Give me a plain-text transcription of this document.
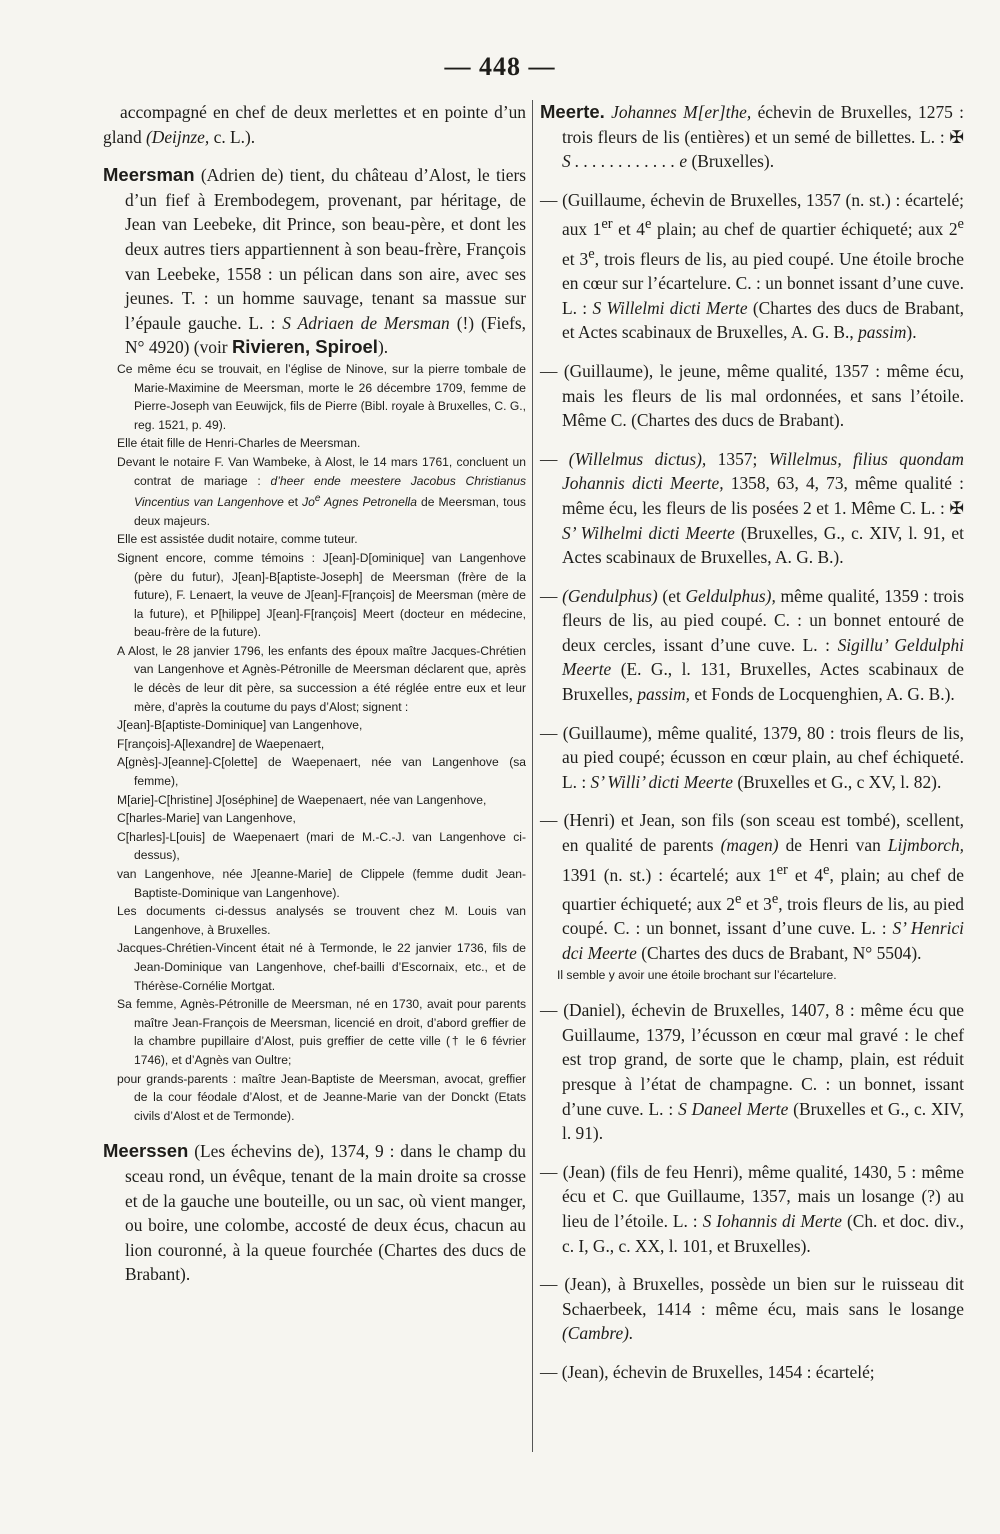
— 448 —

accompagné en chef de deux merlettes et en pointe d’un gland (Deijnze, c. L.).

Meersman (Adrien de) tient, du château d’Alost, le tiers d’un fief à Erembodegem, provenant, par héritage, de Jean van Leebeke, dit Prince, son beau-père, et dont les deux autres tiers appartiennent à son beau-frère, François van Leebeke, 1558 : un pélican dans son aire, avec ses jeunes. T. : un homme sauvage, tenant sa massue sur l’épaule gauche. L. : S Adriaen de Mersman (!) (Fiefs, N° 4920) (voir Rivieren, Spiroel).

Ce même écu se trouvait, en l’église de Ninove, sur la pierre tombale de Marie-Maximine de Meersman, morte le 26 décembre 1709, femme de Pierre-Joseph van Eeuwijck, fils de Pierre (Bibl. royale à Bruxelles, C. G., reg. 1521, p. 49).

Elle était fille de Henri-Charles de Meersman.

Devant le notaire F. Van Wambeke, à Alost, le 14 mars 1761, concluent un contrat de mariage : d’heer ende meestere Jacobus Christianus Vincentius van Langenhove et Jo$^e$ Agnes Petronella de Meersman, tous deux majeurs.

Elle est assistée dudit notaire, comme tuteur.

Signent encore, comme témoins : J[ean]-D[ominique] van Langenhove (père du futur), J[ean]-B[aptiste-Joseph] de Meersman (frère de la future), F. Lenaert, la veuve de J[ean]-F[rançois] de Meersman (mère de la future), et P[hilippe] J[ean]-F[rançois] Meert (docteur en médecine, beau-frère de la future).

A Alost, le 28 janvier 1796, les enfants des époux maître Jacques-Chrétien van Langenhove et Agnès-Pétronille de Meersman déclarent que, après le décès de leur dit père, sa succession a été réglée entre eux et leur mère, d’après la coutume du pays d’Alost; signent :

J[ean]-B[aptiste-Dominique] van Langenhove,

F[rançois]-A[lexandre] de Waepenaert,

A[gnès]-J[eanne]-C[olette] de Waepenaert, née van Langenhove (sa femme),

M[arie]-C[hristine] J[oséphine] de Waepenaert, née van Langenhove,

C[harles-Marie] van Langenhove,

C[harles]-L[ouis] de Waepenaert (mari de M.-C.-J. van Langenhove ci-dessus),

van Langenhove, née J[eanne-Marie] de Clippele (femme dudit Jean-Baptiste-Dominique van Langenhove).

Les documents ci-dessus analysés se trouvent chez M. Louis van Langenhove, à Bruxelles.

Jacques-Chrétien-Vincent était né à Termonde, le 22 janvier 1736, fils de Jean-Dominique van Langenhove, chef-bailli d’Escornaix, etc., et de Thérèse-Cornélie Mortgat.

Sa femme, Agnès-Pétronille de Meersman, né en 1730, avait pour parents maître Jean-François de Meersman, licencié en droit, d’abord greffier de la chambre pupillaire d’Alost, puis greffier de cette ville († le 6 février 1746), et d’Agnès van Oultre;

pour grands-parents : maître Jean-Baptiste de Meersman, avocat, greffier de la cour féodale d’Alost, et de Jeanne-Marie van der Donckt (Etats civils d’Alost et de Termonde).

Meerssen (Les échevins de), 1374, 9 : dans le champ du sceau rond, un évêque, tenant de la main droite sa crosse et de la gauche une bouteille, ou un sac, où vient manger, ou boire, une colombe, accosté de deux écus, chacun au lion couronné, à la queue fourchée (Chartes des ducs de Brabant).

Meerte. Johannes M[er]the, échevin de Bruxelles, 1275 : trois fleurs de lis (entières) et un semé de billettes. L. : ✠ S . . . . . . . . . . . . e (Bruxelles).

— (Guillaume, échevin de Bruxelles, 1357 (n. st.) : écartelé; aux 1er et 4e plain; au chef de quartier échiqueté; aux 2e et 3e, trois fleurs de lis, au pied coupé. Une étoile broche en cœur sur l’écartelure. C. : un bonnet issant d’une cuve. L. : S Willelmi dicti Merte (Chartes des ducs de Brabant, et Actes scabinaux de Bruxelles, A. G. B., passim).

— (Guillaume), le jeune, même qualité, 1357 : même écu, mais les fleurs de lis mal ordonnées, et sans l’étoile. Même C. (Chartes des ducs de Brabant).

— (Willelmus dictus), 1357; Willelmus, filius quondam Johannis dicti Meerte, 1358, 63, 4, 73, même qualité : même écu, les fleurs de lis posées 2 et 1. Même C. L. : ✠ S’ Wilhelmi dicti Meerte (Bruxelles, G., c. XIV, l. 91, et Actes scabinaux de Bruxelles, A. G. B.).

— (Gendulphus) (et Geldulphus), même qualité, 1359 : trois fleurs de lis, au pied coupé. C. : un bonnet entouré de deux cercles, issant d’une cuve. L. : Sigillu’ Geldulphi Meerte (E. G., l. 131, Bruxelles, Actes scabinaux de Bruxelles, passim, et Fonds de Locquenghien, A. G. B.).

— (Guillaume), même qualité, 1379, 80 : trois fleurs de lis, au pied coupé; écusson en cœur plain, au chef échiqueté. L. : S’ Willi’ dicti Meerte (Bruxelles et G., c XV, l. 82).

— (Henri) et Jean, son fils (son sceau est tombé), scellent, en qualité de parents (magen) de Henri van Lijmborch, 1391 (n. st.) : écartelé; aux 1er et 4e, plain; au chef de quartier échiqueté; aux 2e et 3e, trois fleurs de lis, au pied coupé. C. : un bonnet, issant d’une cuve. L. : S’ Henrici dci Meerte (Chartes des ducs de Brabant, N° 5504).

Il semble y avoir une étoile brochant sur l’écartelure.

— (Daniel), échevin de Bruxelles, 1407, 8 : même écu que Guillaume, 1379, l’écusson en cœur mal gravé : le chef est trop grand, de sorte que le champ, plain, est réduit presque à l’état de champagne. C. : un bonnet, issant d’une cuve. L. : S Daneel Merte (Bruxelles et G., c. XIV, l. 91).

— (Jean) (fils de feu Henri), même qualité, 1430, 5 : même écu et C. que Guillaume, 1357, mais un losange (?) au lieu de l’étoile. L. : S Iohannis di Merte (Ch. et doc. div., c. I, G., c. XX, l. 101, et Bruxelles).

— (Jean), à Bruxelles, possède un bien sur le ruisseau dit Schaerbeek, 1414 : même écu, mais sans le losange (Cambre).

— (Jean), échevin de Bruxelles, 1454 : écartelé;
